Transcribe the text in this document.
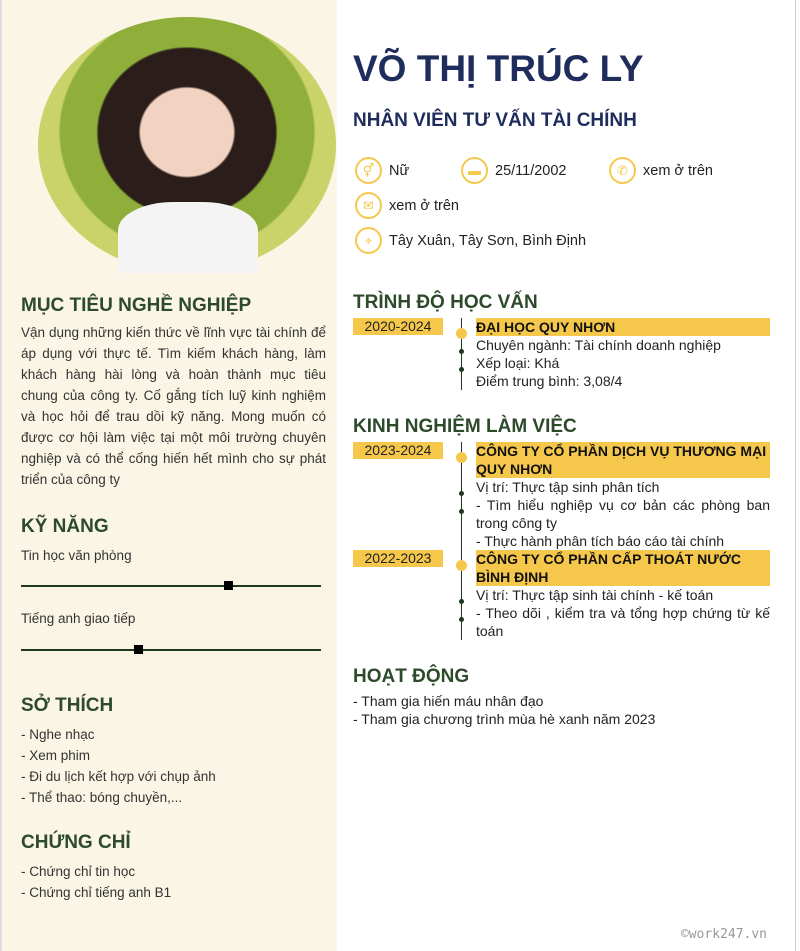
MỤC TIÊU NGHỀ NGHIỆP
Vận dụng những kiến thức về lĩnh vực tài chính để áp dụng với thực tế. Tìm kiếm khách hàng, làm khách hàng hài lòng và hoàn thành mục tiêu chung của công ty. Cố gắng tích luỹ kinh nghiệm và học hỏi để trau dồi kỹ năng. Mong muốn có được cơ hội làm việc tại một môi trường chuyên nghiệp và có thể cống hiến hết mình cho sự phát triển của công ty
KỸ NĂNG
Tin học văn phòng
Tiếng anh giao tiếp
SỞ THÍCH
- Nghe nhạc
- Xem phim
- Đi du lịch kết hợp với chụp ảnh
- Thể thao: bóng chuyền,...
CHỨNG CHỈ
- Chứng chỉ tin học
- Chứng chỉ tiếng anh B1
VÕ THỊ TRÚC LY
NHÂN VIÊN TƯ VẤN TÀI CHÍNH
⚥	Nữ	▬ 25/11/2002	✆	xem ở trên
✉	xem ở trên
⌖	Tây Xuân, Tây Sơn, Bình Định
TRÌNH ĐỘ HỌC VẤN
2020-2024	ĐẠI HỌC QUY NHƠN
Chuyên ngành: Tài chính doanh nghiệp
Xếp loại: Khá
Điểm trung bình: 3,08/4
KINH NGHIỆM LÀM VIỆC
2023-2024	CÔNG TY CỔ PHẦN DỊCH VỤ THƯƠNG MẠI QUY NHƠN
Vị trí: Thực tập sinh phân tích
- Tìm hiểu nghiệp vụ cơ bản các phòng ban trong công ty
- Thực hành phân tích báo cáo tài chính
2022-2023	CÔNG TY CỔ PHẦN CẤP THOÁT NƯỚC BÌNH ĐỊNH
Vị trí: Thực tập sinh tài chính - kế toán
- Theo dõi , kiểm tra và tổng hợp chứng từ kế toán
HOẠT ĐỘNG
- Tham gia hiến máu nhân đạo
- Tham gia chương trình mùa hè xanh năm 2023
©work247.vn
